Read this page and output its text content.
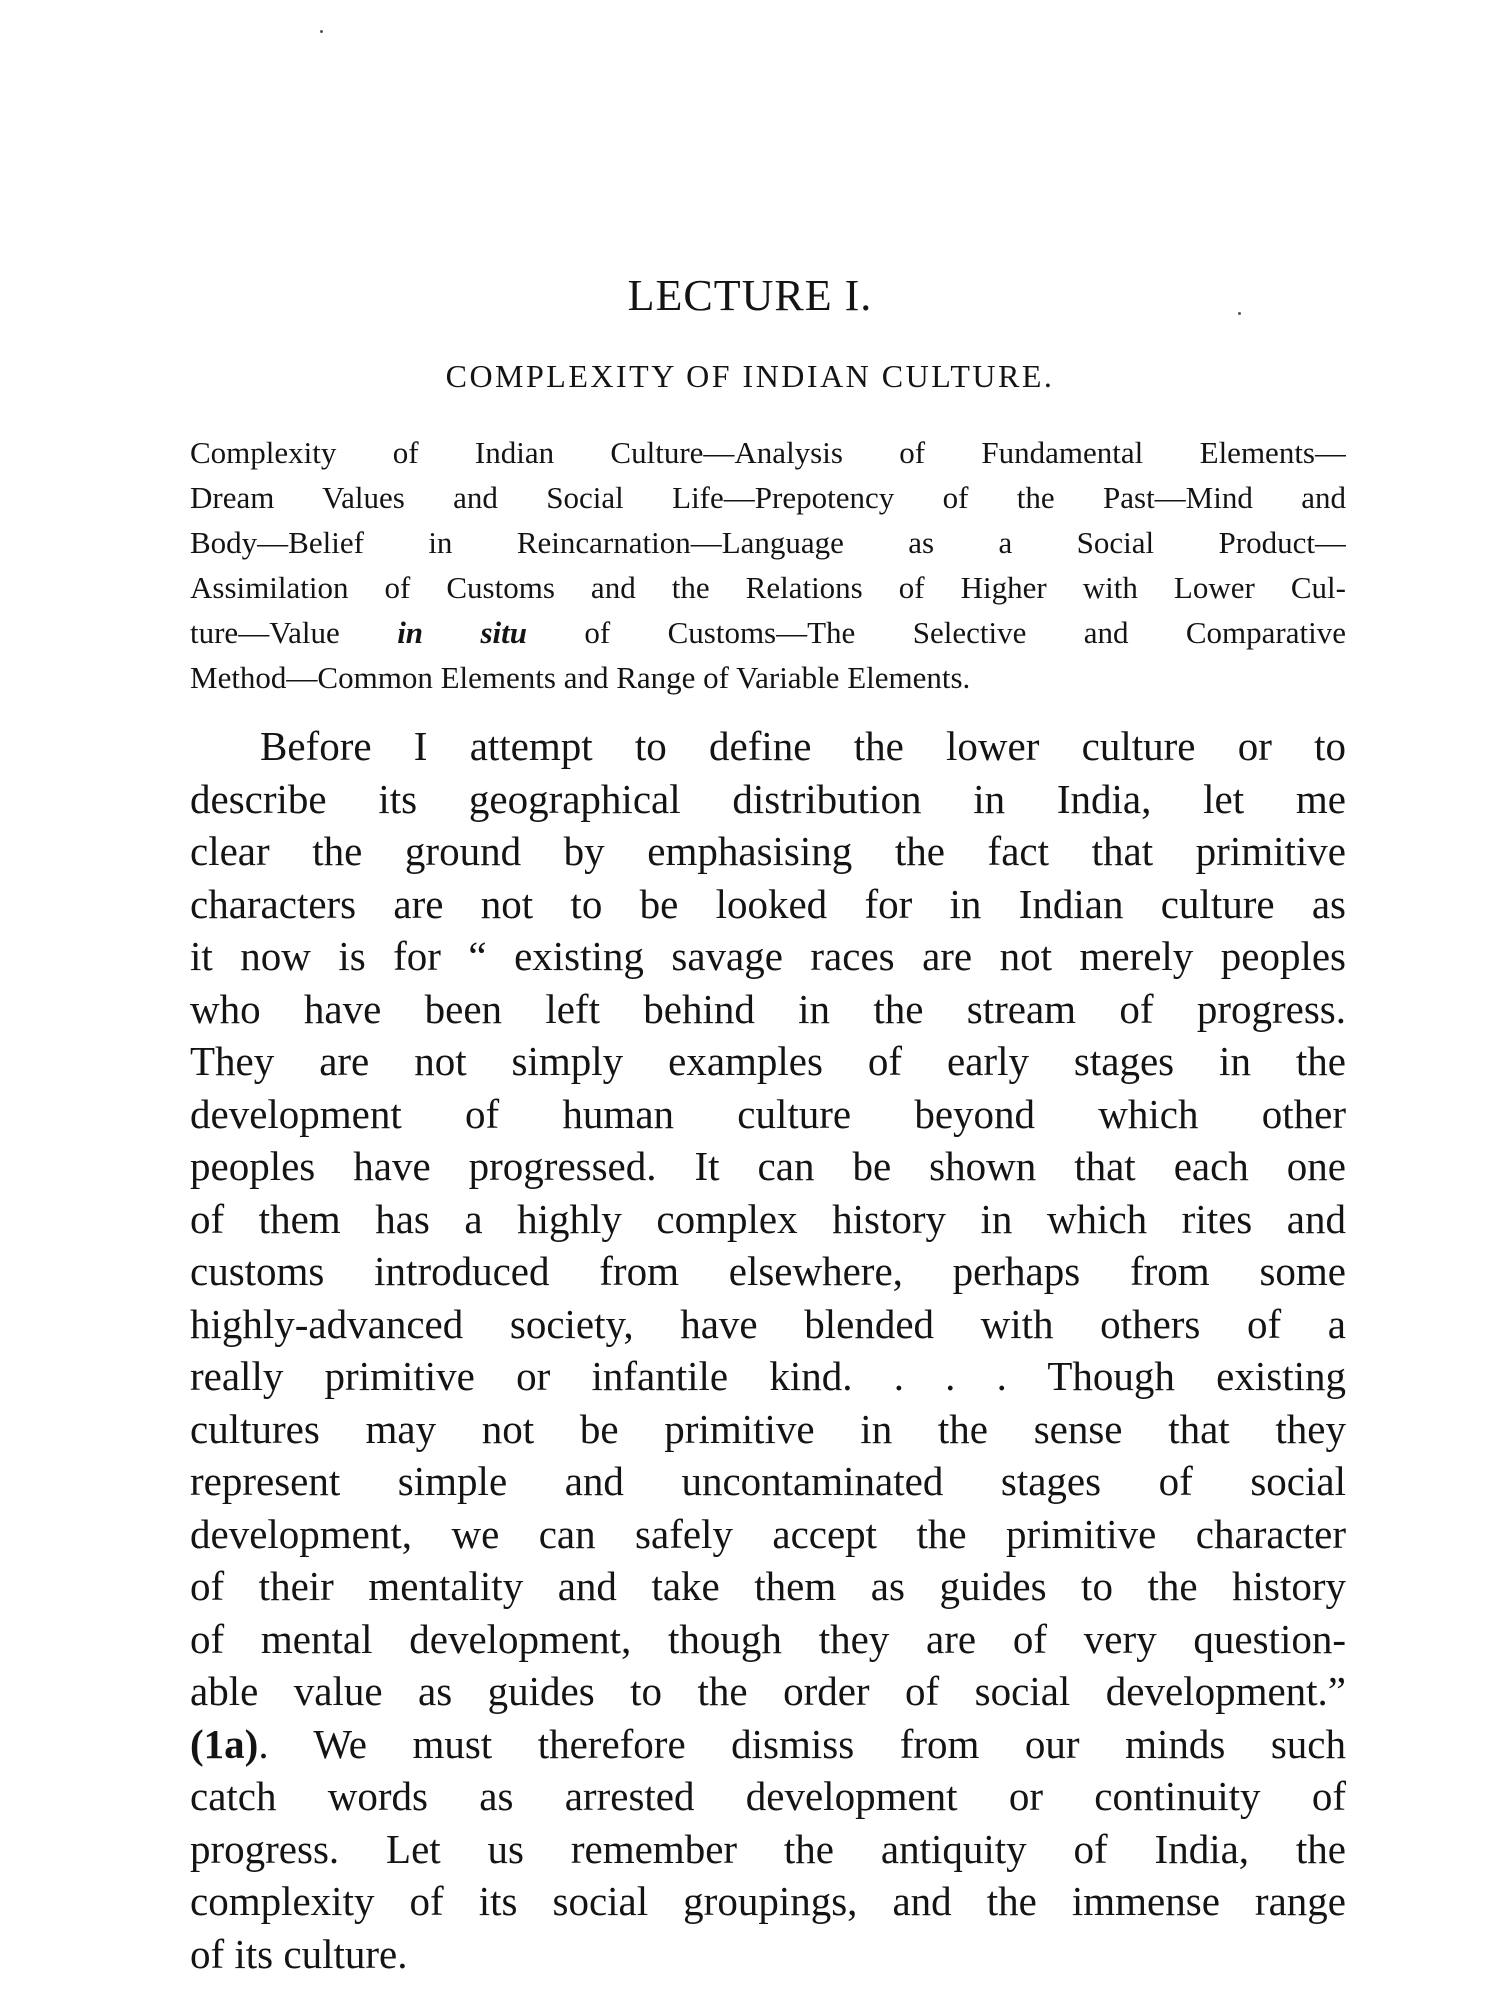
LECTURE I.
COMPLEXITY OF INDIAN CULTURE.
Complexity of Indian Culture—Analysis of Fundamental Elements—
Dream Values and Social Life—Prepotency of the Past—Mind and
Body—Belief in Reincarnation—Language as a Social Product—
Assimilation of Customs and the Relations of Higher with Lower Cul-
ture—Value in situ of Customs—The Selective and Comparative
Method—Common Elements and Range of Variable Elements.
Before I attempt to define the lower culture or to
describe its geographical distribution in India, let me
clear the ground by emphasising the fact that primitive
characters are not to be looked for in Indian culture as
it now is for “ existing savage races are not merely peoples
who have been left behind in the stream of progress.
They are not simply examples of early stages in the
development of human culture beyond which other
peoples have progressed. It can be shown that each one
of them has a highly complex history in which rites and
customs introduced from elsewhere, perhaps from some
highly-advanced society, have blended with others of a
really primitive or infantile kind. . . . Though existing
cultures may not be primitive in the sense that they
represent simple and uncontaminated stages of social
development, we can safely accept the primitive character
of their mentality and take them as guides to the history
of mental development, though they are of very question-
able value as guides to the order of social development.”
(1a). We must therefore dismiss from our minds such
catch words as arrested development or continuity of
progress. Let us remember the antiquity of India, the
complexity of its social groupings, and the immense range
of its culture.
